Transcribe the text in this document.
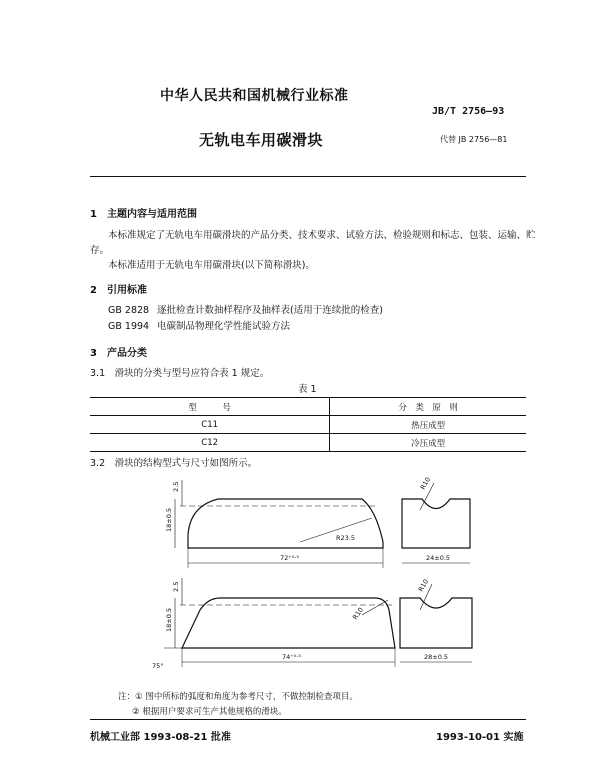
中华人民共和国机械行业标准
JB/T 2756—93
无轨电车用碳滑块	代替 JB 2756—81
1　主题内容与适用范围
本标准规定了无轨电车用碳滑块的产品分类、技术要求、试验方法、检验规则和标志、包装、运输、贮
存。
本标准适用于无轨电车用碳滑块(以下简称滑块)。
2　引用标准
GB 2828 逐批检查计数抽样程序及抽样表(适用于连续批的检查)
GB 1994 电碳制品物理化学性能试验方法
3　产品分类
3.1　滑块的分类与型号应符合表 1 规定。
表 1
型　　　号	分　类　原　则
C11	热压成型
C12	冷压成型
3.2　滑块的结构型式与尺寸如图所示。
2.5
18±0.5
R23.5
72⁺⁰·⁵
R10
24±0.5
2.5
18±0.5	R10
75°
74⁺⁰·⁵
R10
28±0.5
注：① 图中所标的弧度和角度为参考尺寸，不做控制检查项目。
② 根据用户要求可生产其他规格的滑块。
机械工业部 1993-08-21 批准	1993-10-01 实施
